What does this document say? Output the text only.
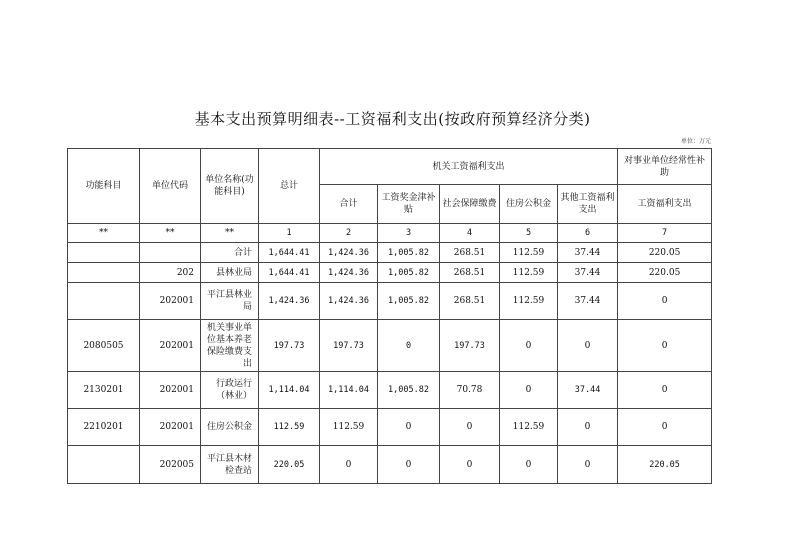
基本支出预算明细表--工资福利支出(按政府预算经济分类)
单位：万元
功能科目	单位代码	单位名称(功能科目)	总计	机关工资福利支出					对事业单位经常性补助
				合计	工资奖金津补贴	社会保障缴费	住房公积金	其他工资福利支出	工资福利支出
**	**	**	1	2	3	4	5	6	7
		合计	1,644.41	1,424.36	1,005.82	268.51	112.59	37.44	220.05
	202	县林业局	1,644.41	1,424.36	1,005.82	268.51	112.59	37.44	220.05
	202001	平江县林业局	1,424.36	1,424.36	1,005.82	268.51	112.59	37.44	0
2080505	202001	机关事业单位基本养老保险缴费支出	197.73	197.73	0	197.73	0	0	0
2130201	202001	行政运行（林业）	1,114.04	1,114.04	1,005.82	70.78	0	37.44	0
2210201	202001	住房公积金	112.59	112.59	0	0	112.59	0	0
	202005	平江县木材检查站	220.05	0	0	0	0	0	220.05
